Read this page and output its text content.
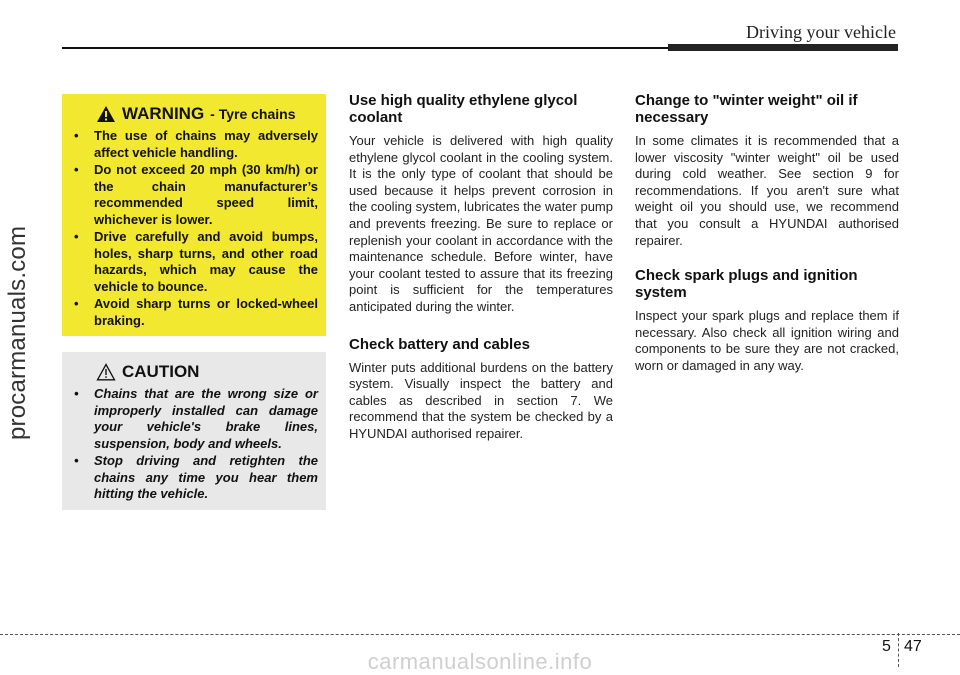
Driving your vehicle
procarmanuals.com
WARNING - Tyre chains
• The use of chains may adversely affect vehicle handling.
• Do not exceed 20 mph (30 km/h) or the chain manufacturer’s recommended speed limit, whichever is lower.
• Drive carefully and avoid bumps, holes, sharp turns, and other road hazards, which may cause the vehicle to bounce.
• Avoid sharp turns or locked-wheel braking.
CAUTION
• Chains that are the wrong size or improperly installed can damage your vehicle's brake lines, suspension, body and wheels.
• Stop driving and retighten the chains any time you hear them hitting the vehicle.
Use high quality ethylene glycol coolant

Your vehicle is delivered with high quality ethylene glycol coolant in the cooling system. It is the only type of coolant that should be used because it helps prevent corrosion in the cooling system, lubricates the water pump and prevents freezing. Be sure to replace or replenish your coolant in accordance with the maintenance schedule. Before winter, have your coolant tested to assure that its freezing point is sufficient for the temperatures anticipated during the winter.

Check battery and cables

Winter puts additional burdens on the battery system. Visually inspect the battery and cables as described in section 7. We recommend that the system be checked by a HYUNDAI authorised repairer.

Change to "winter weight" oil if necessary

In some climates it is recommended that a lower viscosity "winter weight" oil be used during cold weather. See section 9 for recommendations. If you aren't sure what weight oil you should use, we recommend that you consult a HYUNDAI authorised repairer.

Check spark plugs and ignition system

Inspect your spark plugs and replace them if necessary. Also check all ignition wiring and components to be sure they are not cracked, worn or damaged in any way.

5 47
carmanualsonline.info
